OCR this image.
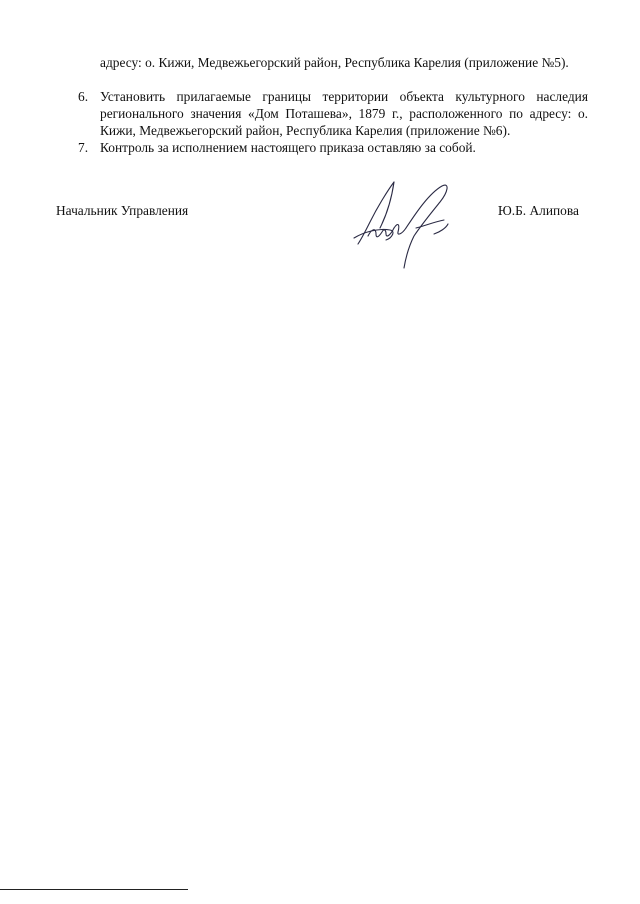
адресу: о. Кижи, Медвежьегорский район, Республика Карелия (приложение №5).
6. Установить прилагаемые границы территории объекта культурного наследия регионального значения «Дом Поташева», 1879 г., расположенного по адресу: о. Кижи, Медвежьегорский район, Республика Карелия (приложение №6).
7. Контроль за исполнением настоящего приказа оставляю за собой.
Начальник Управления	Ю.Б. Алипова
